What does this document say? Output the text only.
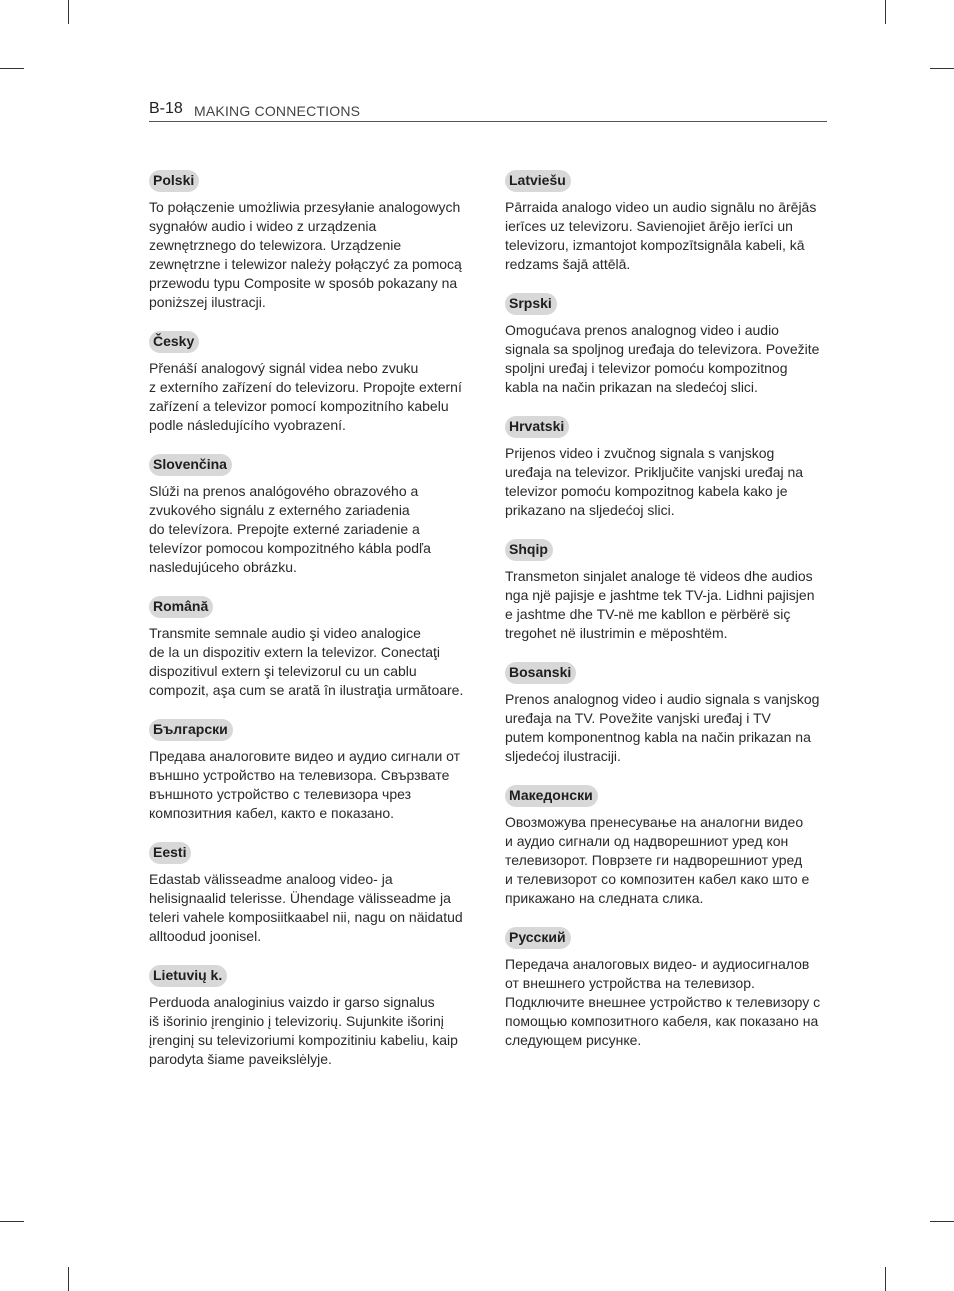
B-18 MAKING CONNECTIONS
Polski
To połączenie umożliwia przesyłanie analogowych
sygnałów audio i wideo z urządzenia
zewnętrznego do telewizora. Urządzenie
zewnętrzne i telewizor należy połączyć za pomocą
przewodu typu Composite w sposób pokazany na
poniższej ilustracji.
Česky
Přenáší analogový signál videa nebo zvuku
z externího zařízení do televizoru. Propojte externí
zařízení a televizor pomocí kompozitního kabelu
podle následujícího vyobrazení.
Slovenčina
Slúži na prenos analógového obrazového a
zvukového signálu z externého zariadenia
do televízora. Prepojte externé zariadenie a
televízor pomocou kompozitného kábla podľa
nasledujúceho obrázku.
Română
Transmite semnale audio şi video analogice
de la un dispozitiv extern la televizor. Conectaţi
dispozitivul extern şi televizorul cu un cablu
compozit, aşa cum se arată în ilustraţia următoare.
Български
Предава аналоговите видео и аудио сигнали от
външно устройство на телевизора. Свързвате
външното устройство с телевизора чрез
композитния кабел, както е показано.
Eesti
Edastab välisseadme analoog video- ja
helisignaalid telerisse. Ühendage välisseadme ja
teleri vahele komposiitkaabel nii, nagu on näidatud
alltoodud joonisel.
Lietuvių k.
Perduoda analoginius vaizdo ir garso signalus
iš išorinio įrenginio į televizorių. Sujunkite išorinį
įrenginį su televizoriumi kompozitiniu kabeliu, kaip
parodyta šiame paveikslėlyje.
Latviešu
Pārraida analogo video un audio signālu no ārējās
ierīces uz televizoru. Savienojiet ārējo ierīci un
televizoru, izmantojot kompozītsignāla kabeli, kā
redzams šajā attēlā.
Srpski
Omogućava prenos analognog video i audio
signala sa spoljnog uređaja do televizora. Povežite
spoljni uređaj i televizor pomoću kompozitnog
kabla na način prikazan na sledećoj slici.
Hrvatski
Prijenos video i zvučnog signala s vanjskog
uređaja na televizor. Priključite vanjski uređaj na
televizor pomoću kompozitnog kabela kako je
prikazano na sljedećoj slici.
Shqip
Transmeton sinjalet analoge të videos dhe audios
nga një pajisje e jashtme tek TV-ja. Lidhni pajisjen
e jashtme dhe TV-në me kabllon e përbërë siç
tregohet në ilustrimin e mëposhtëm.
Bosanski
Prenos analognog video i audio signala s vanjskog
uređaja na TV. Povežite vanjski uređaj i TV
putem komponentnog kabla na način prikazan na
sljedećoj ilustraciji.
Македонски
Овозможува пренесување на аналогни видео
и аудио сигнали од надворешниот уред кон
телевизорот. Поврзете ги надворешниот уред
и телевизорот со композитен кабел како што е
прикажано на следната слика.
Русский
Передача аналоговых видео- и аудиосигналов
от внешнего устройства на телевизор.
Подключите внешнее устройство к телевизору с
помощью композитного кабеля, как показано на
следующем рисунке.
